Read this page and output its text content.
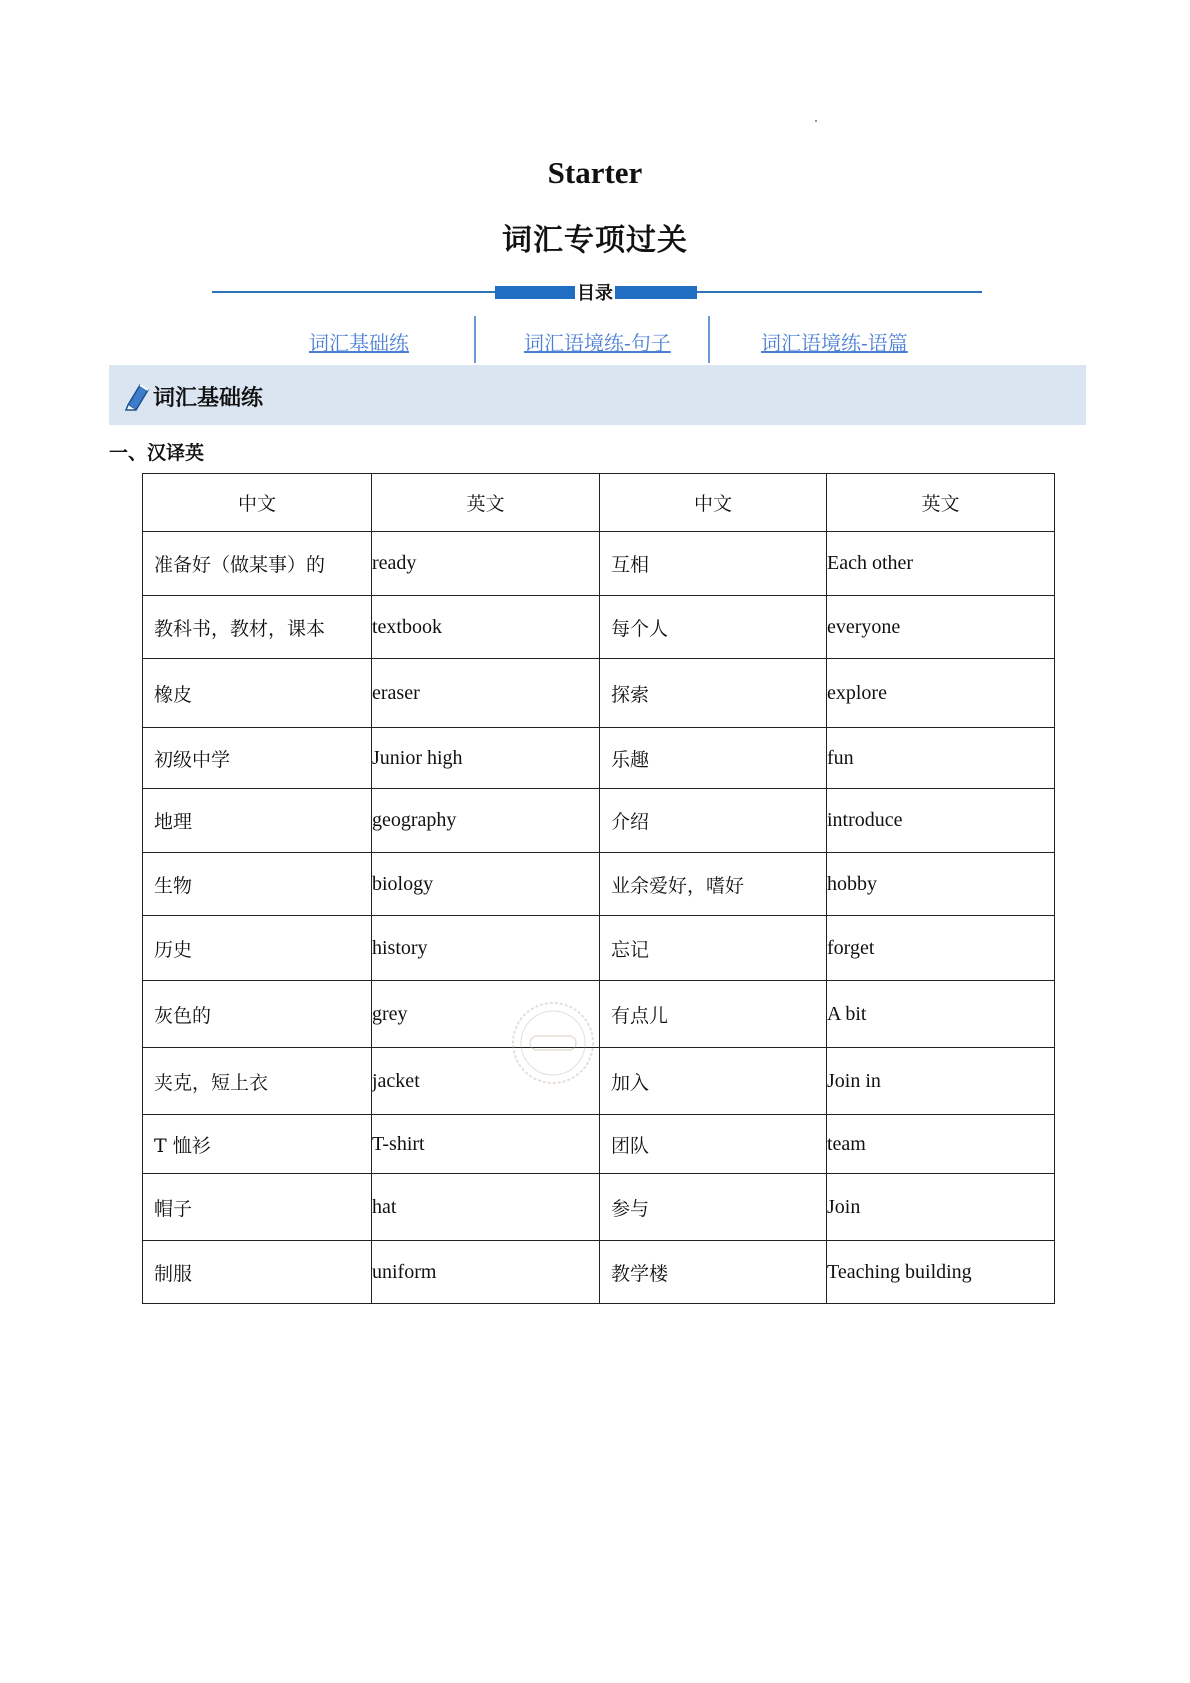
Starter
词汇专项过关
目录
词汇基础练	词汇语境练-句子	词汇语境练-语篇
词汇基础练
一、汉译英
中文	英文	中文	英文
准备好（做某事）的	ready	互相	Each other
教科书，教材，课本	textbook	每个人	everyone
橡皮	eraser	探索	explore
初级中学	Junior high	乐趣	fun
地理	geography	介绍	introduce
生物	biology	业余爱好，嗜好	hobby
历史	history	忘记	forget
灰色的	grey	有点儿	A bit
夹克，短上衣	jacket	加入	Join in
T 恤衫	T-shirt	团队	team
帽子	hat	参与	Join
制服	uniform	教学楼	Teaching building
